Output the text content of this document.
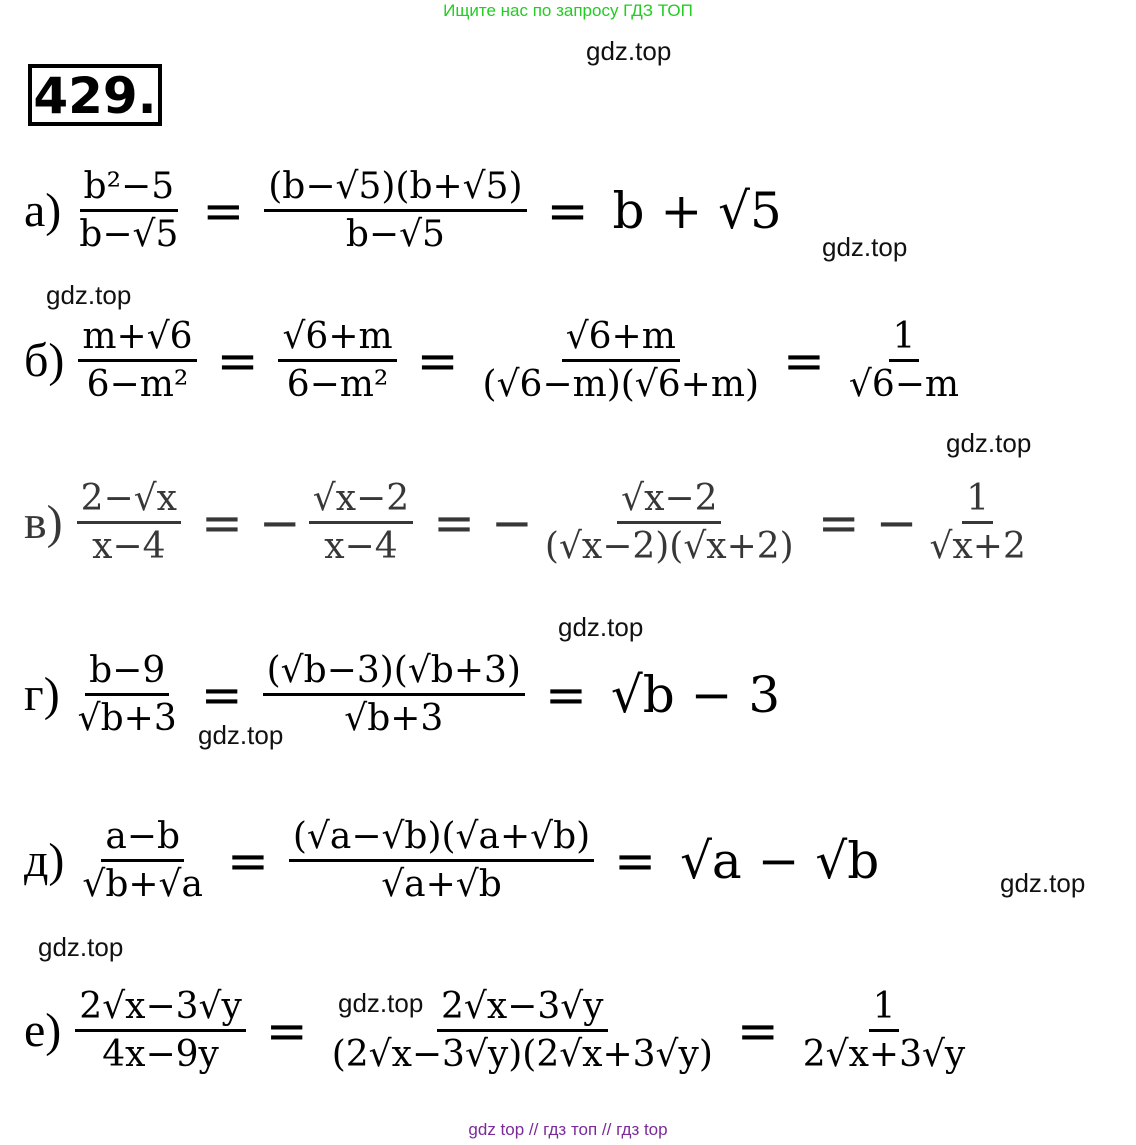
Ищите нас по запросу ГДЗ ТОП
429.
gdz.top
gdz.top
gdz.top
gdz.top
gdz.top
gdz.top
gdz.top
gdz.top
gdz.top
$а) \frac{\text{b²−5}}{b-√5} = \frac{(b-√5)(b+√5)}{b-√5} = b + √5$
$б) \frac{m+√6}{\text{6−m²}} = \frac{√6+m}{\text{6−m²}} = \frac{√6+m}{(√6-m)(√6+m)} = \frac{1}{√6-m}$
$в) \frac{2-√x}{x-4}$ = − $\frac{√x-2}{x-4}$ = − $\frac{√x-2}{(√x-2)(√x+2)}$ = − $\frac{1}{√x+2}$
$г) \frac{b-9}{√b+3} = \frac{(√b-3)(√b+3)}{√b+3} = √b - 3$
$д) \frac{a-b}{√b+√a} = \frac{(√a-√b)(√a+√b)}{√a+√b} = √a - √b$
$е) \frac{2√x-3√y}{4x-9y} = \frac{2√x-3√y}{(2√x-3√y)(2√x+3√y)} = \frac{1}{2√x+3√y}$
gdz top // гдз топ // гдз top
